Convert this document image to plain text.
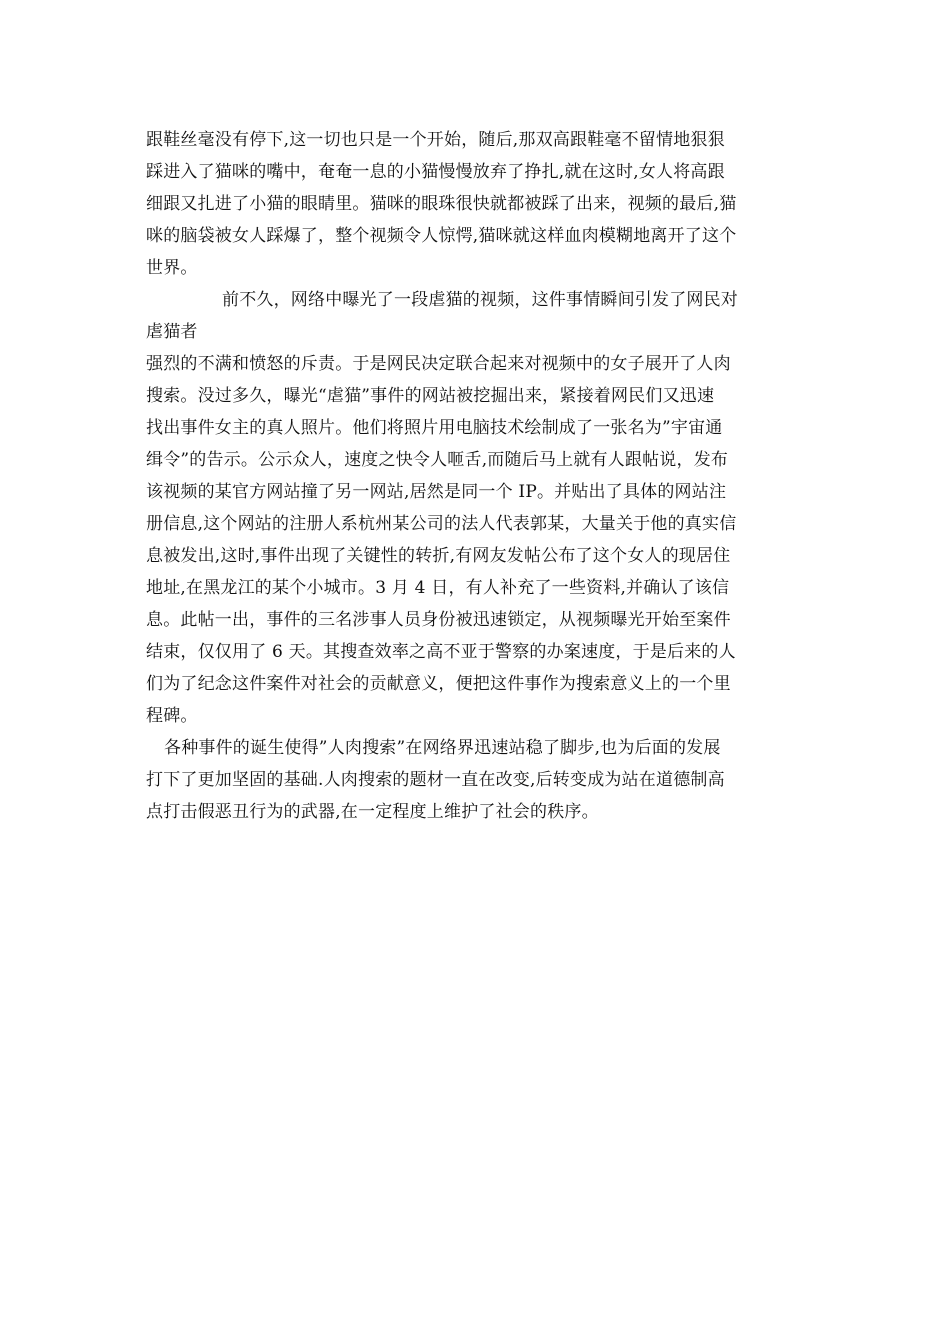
跟鞋丝毫没有停下,这一切也只是一个开始，随后,那双高跟鞋毫不留情地狠狠
踩进入了猫咪的嘴中，奄奄一息的小猫慢慢放弃了挣扎,就在这时,女人将高跟
细跟又扎进了小猫的眼睛里。猫咪的眼珠很快就都被踩了出来，视频的最后,猫
咪的脑袋被女人踩爆了，整个视频令人惊愕,猫咪就这样血肉模糊地离开了这个
世界。
前不久，网络中曝光了一段虐猫的视频，这件事情瞬间引发了网民对
虐猫者
强烈的不满和愤怒的斥责。于是网民决定联合起来对视频中的女子展开了人肉
搜索。没过多久，曝光“虐猫”事件的网站被挖掘出来，紧接着网民们又迅速
找出事件女主的真人照片。他们将照片用电脑技术绘制成了一张名为”宇宙通
缉令”的告示。公示众人，速度之快令人咂舌,而随后马上就有人跟帖说，发布
该视频的某官方网站撞了另一网站,居然是同一个 IP。并贴出了具体的网站注
册信息,这个网站的注册人系杭州某公司的法人代表郭某，大量关于他的真实信
息被发出,这时,事件出现了关键性的转折,有网友发帖公布了这个女人的现居住
地址,在黑龙江的某个小城市。3 月 4 日，有人补充了一些资料,并确认了该信
息。此帖一出，事件的三名涉事人员身份被迅速锁定，从视频曝光开始至案件
结束，仅仅用了 6 天。其搜查效率之高不亚于警察的办案速度，于是后来的人
们为了纪念这件案件对社会的贡献意义，便把这件事作为搜索意义上的一个里
程碑。
各种事件的诞生使得”人肉搜索”在网络界迅速站稳了脚步,也为后面的发展
打下了更加坚固的基础.人肉搜索的题材一直在改变,后转变成为站在道德制高
点打击假恶丑行为的武器,在一定程度上维护了社会的秩序。
